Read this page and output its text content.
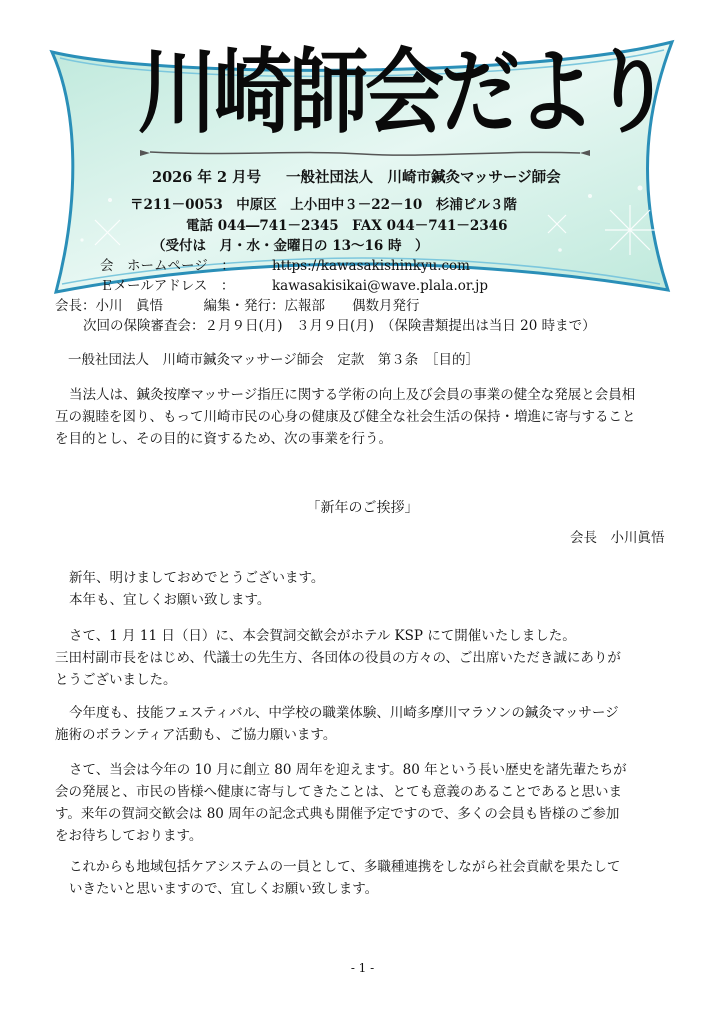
川崎師会だより
2026 年 2 月号 一般社団法人　川崎市鍼灸マッサージ師会
〒211－0053　中原区　上小田中３－22－10　杉浦ビル３階
電話 044―741－2345　FAX 044－741－2346
（受付は　月・水・金曜日の 13～16 時　）
会　ホームページ　：	https://kawasakishinkyu.com
Ｅメールアドレス　：	kawasakisikai@wave.plala.or.jp
会長：小川　眞悟　　　編集・発行：広報部　　偶数月発行
次回の保険審査会：２月９日(月)　３月９日(月)　（保険書類提出は当日 20 時まで）
一般社団法人　川崎市鍼灸マッサージ師会　定款　第３条　［目的］
当法人は、鍼灸按摩マッサージ指圧に関する学術の向上及び会員の事業の健全な発展と会員相
互の親睦を図り、もって川崎市民の心身の健康及び健全な社会生活の保持・増進に寄与すること
を目的とし、その目的に資するため、次の事業を行う。
「新年のご挨拶」
会長　小川眞悟
新年、明けましておめでとうございます。
本年も、宜しくお願い致します。
さて、1 月 11 日（日）に、本会賀詞交歓会がホテル KSP にて開催いたしました。
三田村副市長をはじめ、代議士の先生方、各団体の役員の方々の、ご出席いただき誠にありが
とうございました。
今年度も、技能フェスティバル、中学校の職業体験、川崎多摩川マラソンの鍼灸マッサージ
施術のボランティア活動も、ご協力願います。
さて、当会は今年の 10 月に創立 80 周年を迎えます。80 年という長い歴史を諸先輩たちが
会の発展と、市民の皆様へ健康に寄与してきたことは、とても意義のあることであると思いま
す。来年の賀詞交歓会は 80 周年の記念式典も開催予定ですので、多くの会員も皆様のご参加
をお待ちしております。
これからも地域包括ケアシステムの一員として、多職種連携をしながら社会貢献を果たして
いきたいと思いますので、宜しくお願い致します。
- 1 -
